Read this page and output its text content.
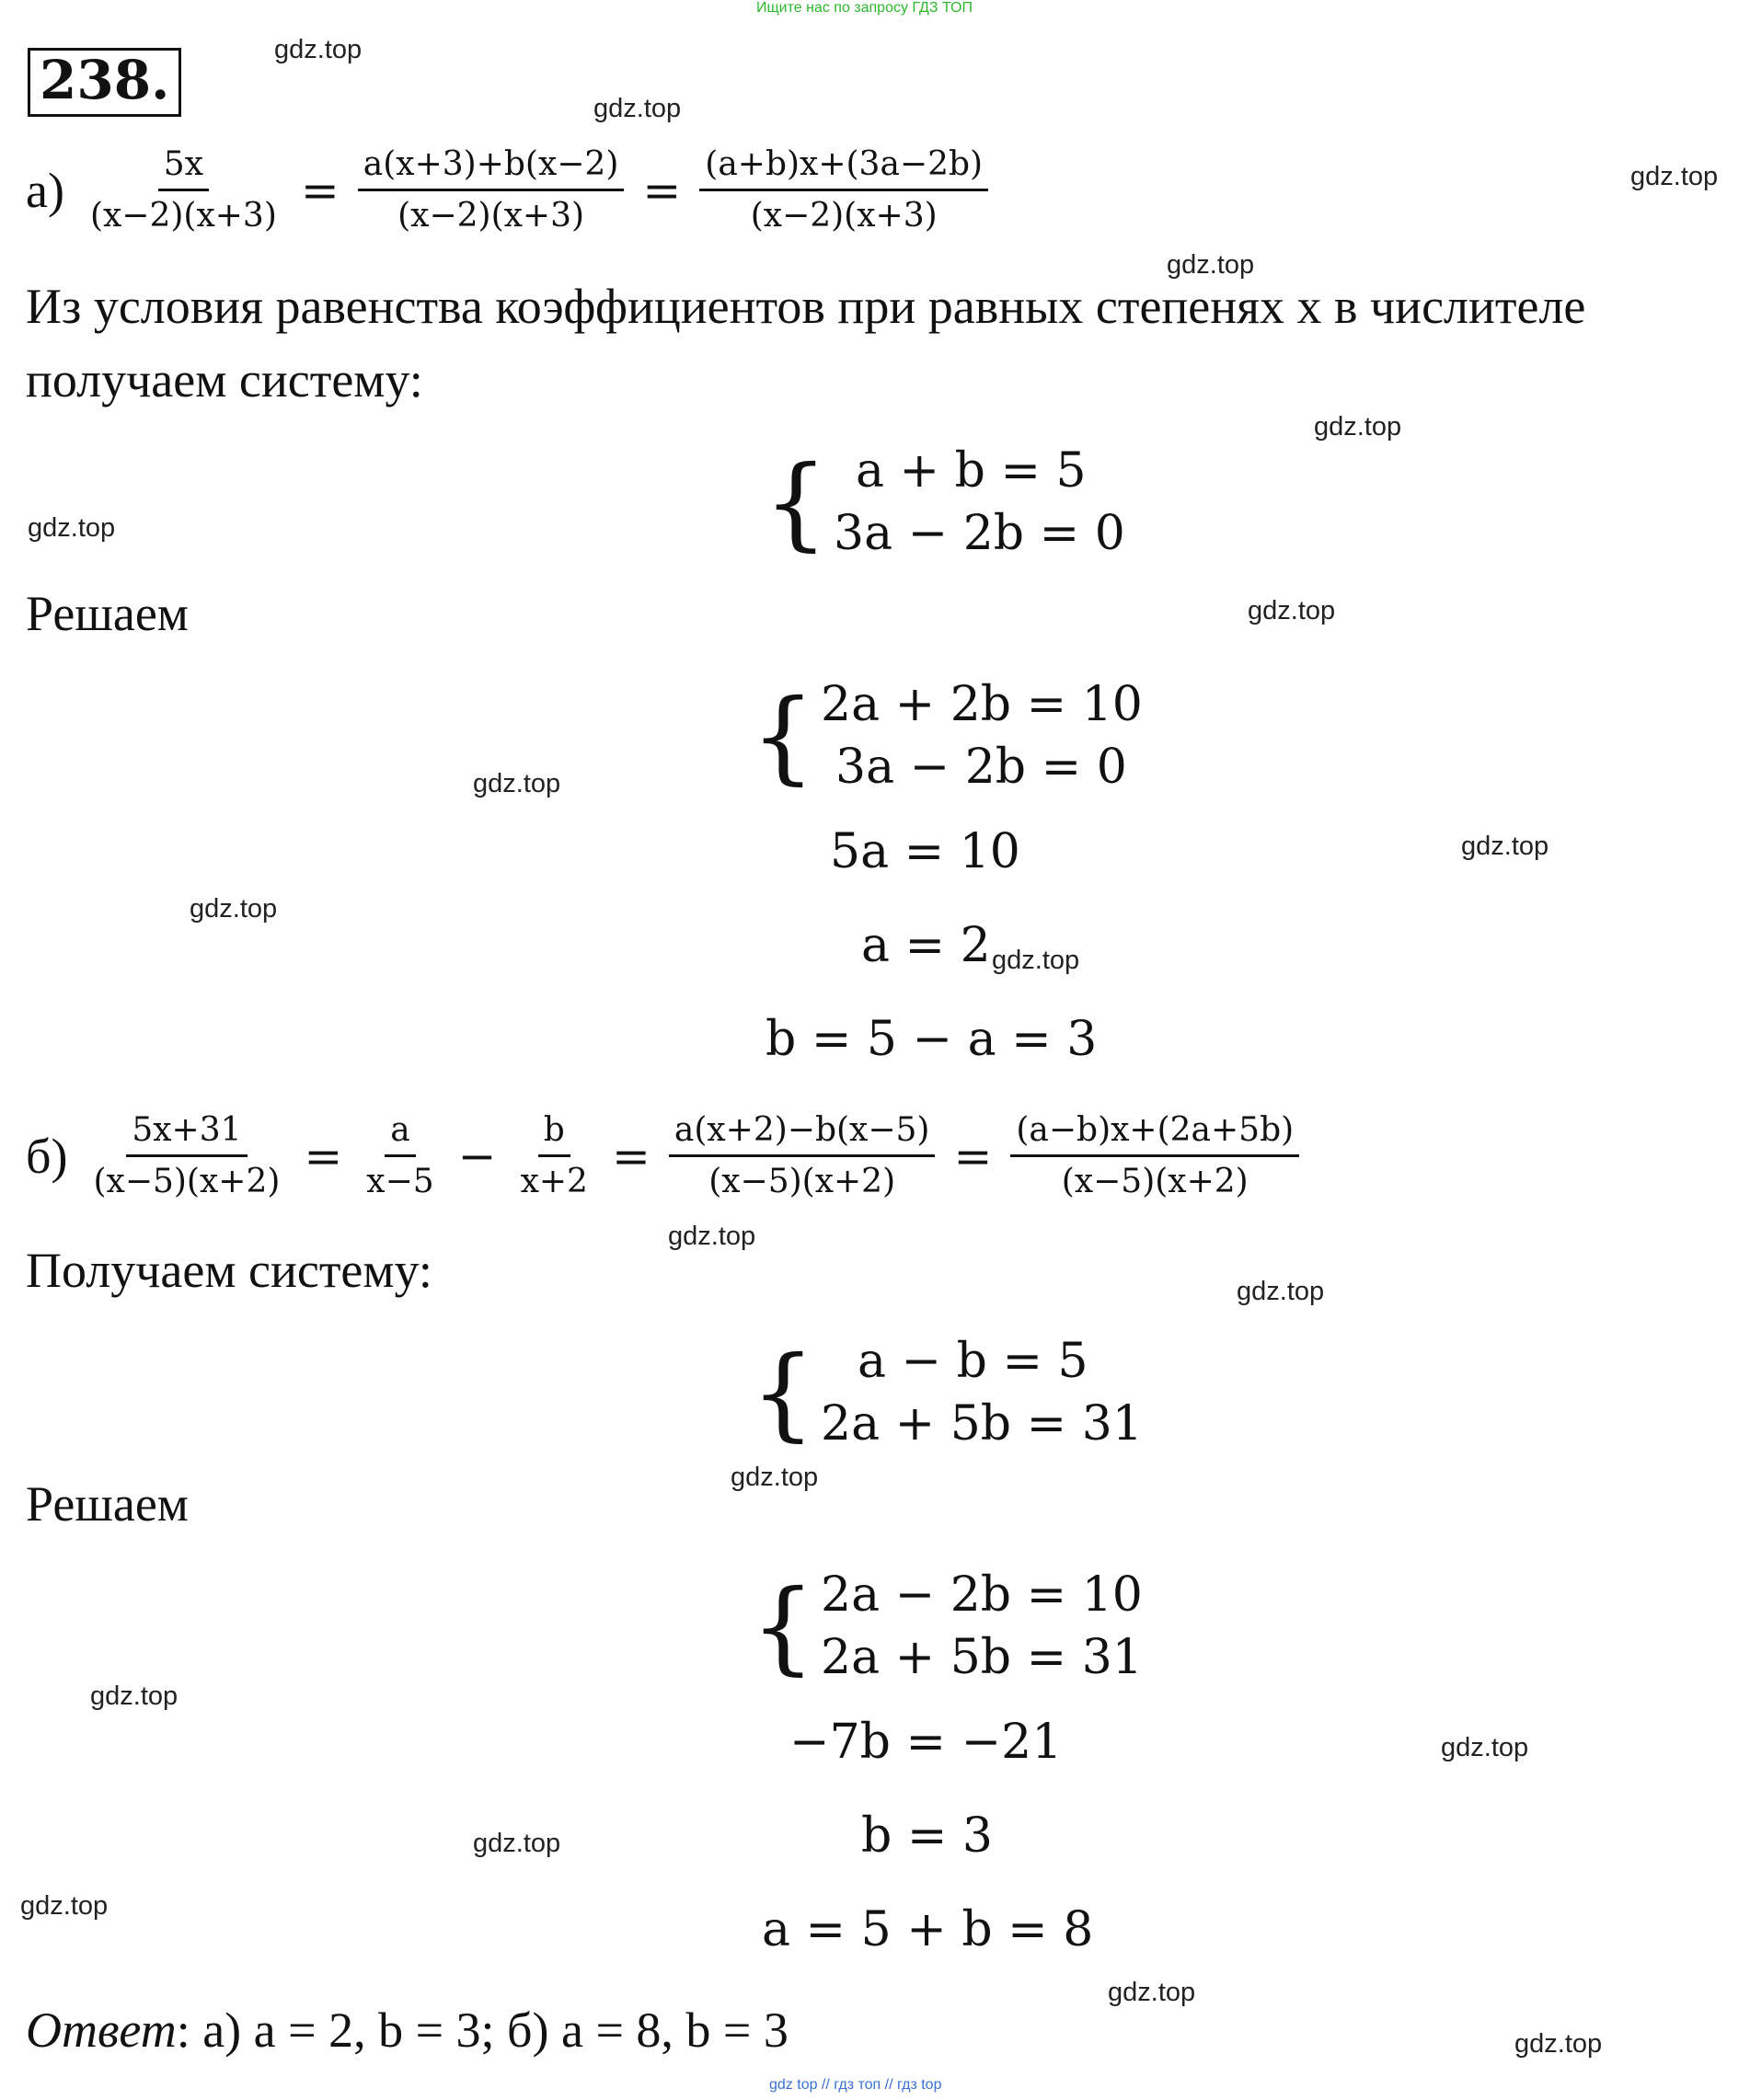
Ищите нас по запросу ГДЗ ТОП
238.	gdz.top
gdz.top
gdz.top
gdz.top
gdz.top
gdz.top
gdz.top
gdz.top
gdz.top
gdz.top
gdz.top
gdz.top
gdz.top
gdz.top
gdz.top
gdz.top
gdz.top
gdz.top
gdz.top
gdz.top
$а) \frac{5x}{(x-2)(x+3)} = \frac{a(x+3)+b(x-2)}{(x-2)(x+3)} = \frac{(a+b)x+(3a-2b)}{(x-2)(x+3)}$
Из условия равенства коэффициентов при равных степенях x в числителе
получаем систему:
{ a + b = 5
3a − 2b = 0
Решаем
{ 2a + 2b = 10
3a − 2b = 0
5a = 10
a = 2
b = 5 − a = 3
$б) \frac{5x+31}{(x-5)(x+2)} = \frac{a}{x-5} - \frac{b}{x+2} = \frac{a(x+2)-b(x-5)}{(x-5)(x+2)} = \frac{(a-b)x+(2a+5b)}{(x-5)(x+2)}$
Получаем систему:
{ a − b = 5
2a + 5b = 31
Решаем
{ 2a − 2b = 10
2a + 5b = 31
−7b = −21
b = 3
a = 5 + b = 8
Ответ: а) a = 2, b = 3; б) a = 8, b = 3
gdz top // гдз топ // гдз top
